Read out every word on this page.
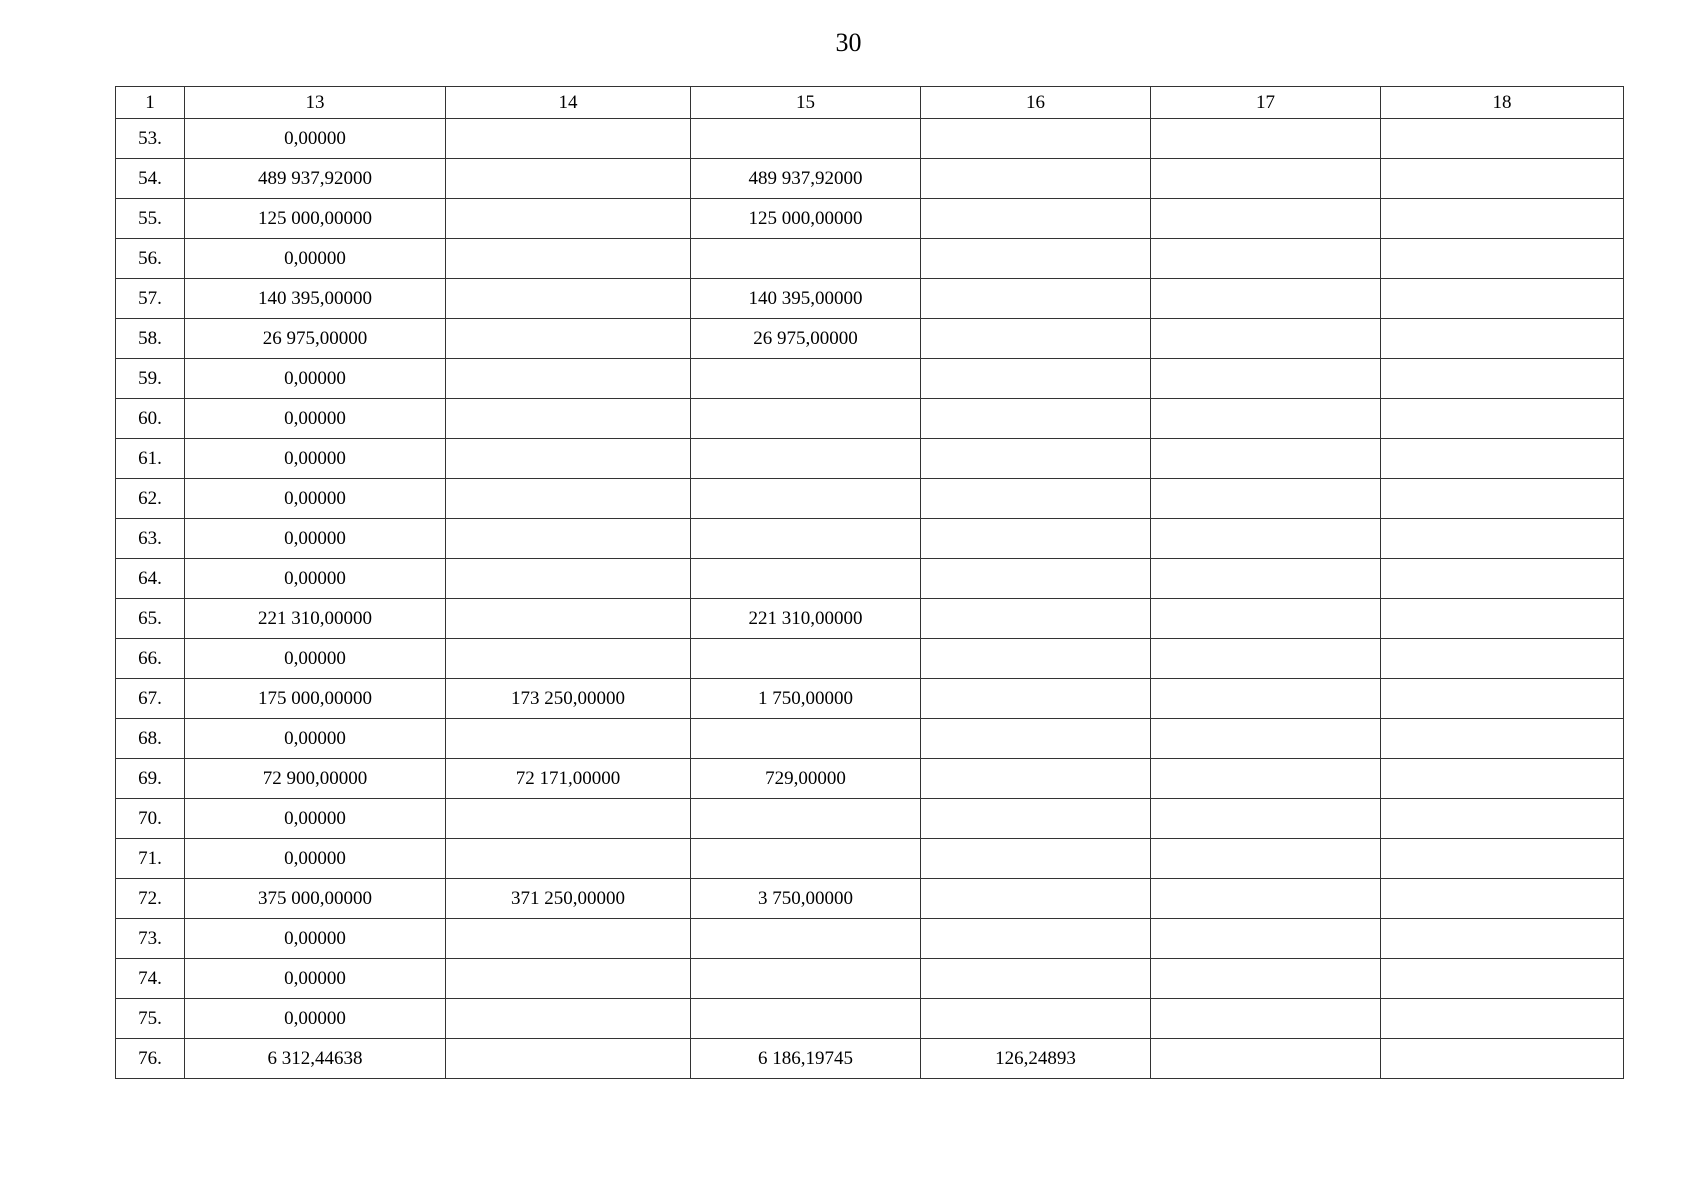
30
1	13	14	15	16	17	18
53.	0,00000					
54.	489 937,92000		489 937,92000			
55.	125 000,00000		125 000,00000			
56.	0,00000					
57.	140 395,00000		140 395,00000			
58.	26 975,00000		26 975,00000			
59.	0,00000					
60.	0,00000					
61.	0,00000					
62.	0,00000					
63.	0,00000					
64.	0,00000					
65.	221 310,00000		221 310,00000			
66.	0,00000					
67.	175 000,00000	173 250,00000	1 750,00000			
68.	0,00000					
69.	72 900,00000	72 171,00000	729,00000			
70.	0,00000					
71.	0,00000					
72.	375 000,00000	371 250,00000	3 750,00000			
73.	0,00000					
74.	0,00000					
75.	0,00000					
76.	6 312,44638		6 186,19745	126,24893		
